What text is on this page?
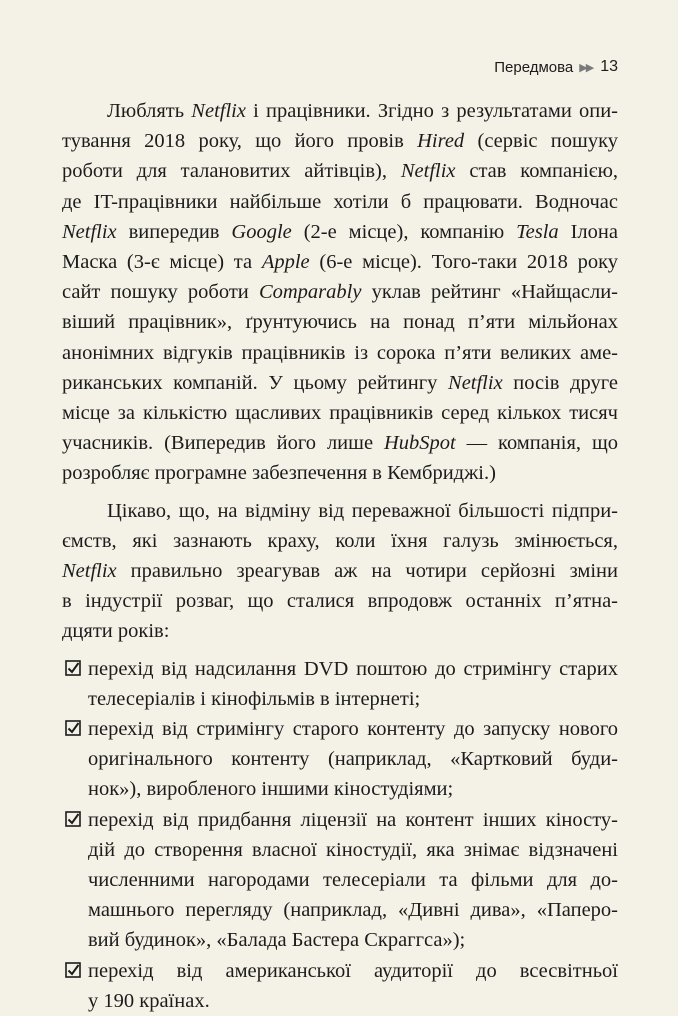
Передмова ▶▶ 13
Люблять Netflix і працівники. Згідно з результатами опи-
тування 2018 року, що його провів Hired (сервіс пошуку
роботи для талановитих айтівців), Netflix став компанією,
де IT-працівники найбільше хотіли б працювати. Водночас
Netflix випередив Google (2-е місце), компанію Tesla Ілона
Маска (3-є місце) та Apple (6-е місце). Того-таки 2018 року
сайт пошуку роботи Comparably уклав рейтинг «Найщасли-
віший працівник», ґрунтуючись на понад п’яти мільйонах
анонімних відгуків працівників із сорока п’яти великих аме-
риканських компаній. У цьому рейтингу Netflix посів друге
місце за кількістю щасливих працівників серед кількох тисяч
учасників. (Випередив його лише HubSpot — компанія, що
розробляє програмне забезпечення в Кембриджі.)
Цікаво, що, на відміну від переважної більшості підпри-
ємств, які зазнають краху, коли їхня галузь змінюється,
Netflix правильно зреагував аж на чотири серйозні зміни
в індустрії розваг, що сталися впродовж останніх п’ятна-
дцяти років:
перехід від надсилання DVD поштою до стримінгу старих
телесеріалів і кінофільмів в інтернеті;
перехід від стримінгу старого контенту до запуску нового
оригінального контенту (наприклад, «Картковий буди-
нок»), виробленого іншими кіностудіями;
перехід від придбання ліцензії на контент інших кіносту-
дій до створення власної кіностудії, яка знімає відзначені
численними нагородами телесеріали та фільми для до-
машнього перегляду (наприклад, «Дивні дива», «Паперо-
вий будинок», «Балада Бастера Скраггса»);
перехід від американської аудиторії до всесвітньої
у 190 країнах.
